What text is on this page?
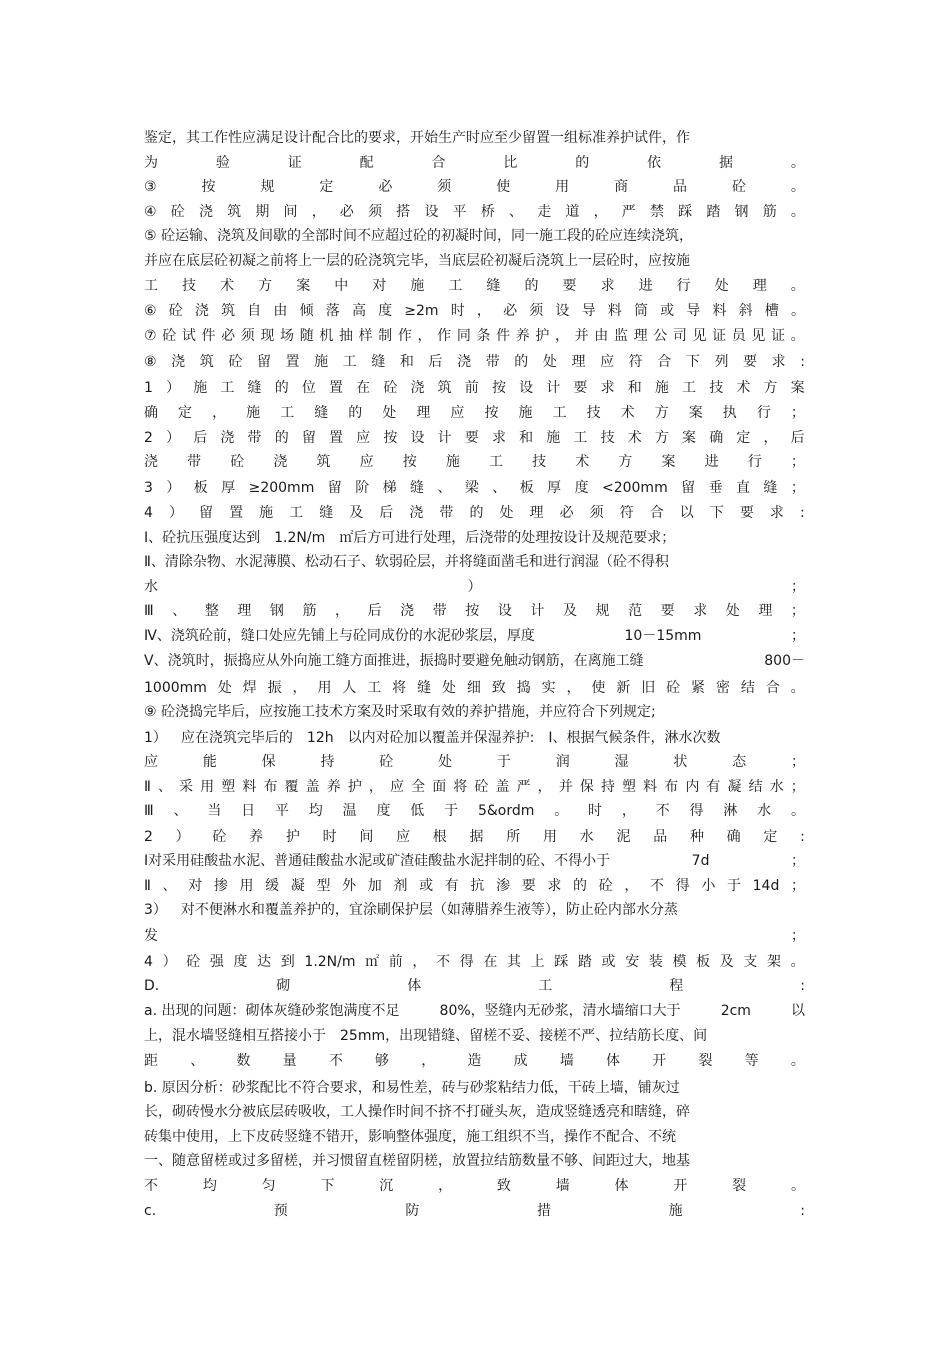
鉴定，其工作性应满足设计配合比的要求，开始生产时应至少留置一组标准养护试件，作
为	验	证	配	合	比	的	依	据	。
③	按	规	定	必	须	使	用	商	品	砼	。
④ 砼 浇 筑 期 间 ， 必 须 搭 设 平 桥 、 走 道 ， 严 禁 踩 踏 钢 筋 。
⑤ 砼运输、浇筑及间歇的全部时间不应超过砼的初凝时间，同一施工段的砼应连续浇筑，
并应在底层砼初凝之前将上一层的砼浇筑完毕，当底层砼初凝后浇筑上一层砼时，应按施
工 技 术 方 案 中 对 施 工 缝 的 要 求 进 行 处 理 。
⑥ 砼 浇 筑 自 由 倾 落 高 度 ≥2m 时 ， 必 须 设 导 料 筒 或 导 料 斜 槽 。
⑦ 砼 试 件 必 须 现 场 随 机 抽 样 制 作 ， 作 同 条 件 养 护 ， 并 由 监 理 公 司 见 证 员 见 证 。
⑧ 浇 筑 砼 留 置 施 工 缝 和 后 浇 带 的 处 理 应 符 合 下 列 要 求 :
1 ） 施 工 缝 的 位 置 在 砼 浇 筑 前 按 设 计 要 求 和 施 工 技 术 方 案
确 定 ， 施 工 缝 的 处 理 应 按 施 工 技 术 方 案 执 行 ；
2 ） 后 浇 带 的 留 置 应 按 设 计 要 求 和 施 工 技 术 方 案 确 定 ， 后
浇 带 砼 浇 筑 应 按 施 工 技 术 方 案 进 行 ；
3 ） 板 厚 ≥200mm 留 阶 梯 缝 、 梁 、 板 厚 度 <200mm 留 垂 直 缝 ；
4 ） 留 置 施 工 缝 及 后 浇 带 的 处 理 必 须 符 合 以 下 要 求 :
Ⅰ、砼抗压强度达到 1.2N/m ㎡后方可进行处理，后浇带的处理按设计及规范要求；
Ⅱ、清除杂物、水泥薄膜、松动石子、软弱砼层，并将缝面凿毛和进行润湿（砼不得积
水	）	；
Ⅲ 、 整 理 钢 筋 ， 后 浇 带 按 设 计 及 规 范 要 求 处 理 ；
Ⅳ、浇筑砼前，缝口处应先铺上与砼同成份的水泥砂浆层，厚度	10－15mm	；
Ⅴ、浇筑时，振捣应从外向施工缝方面推进，振捣时要避免触动钢筋，在离施工缝	800－
1000mm 处 焊 振 ， 用 人 工 将 缝 处 细 致 捣 实 ， 使 新 旧 砼 紧 密 结 合 。
⑨ 砼浇捣完毕后，应按施工技术方案及时采取有效的养护措施，并应符合下列规定;
1） 应在浇筑完毕后的 12h 以内对砼加以覆盖并保湿养护: Ⅰ、根据气候条件，淋水次数
应	能	保	持	砼	处	于	润	湿	状	态	；
Ⅱ 、 采 用 塑 料 布 覆 盖 养 护 ， 应 全 面 将 砼 盖 严 ， 并 保 持 塑 料 布 内 有 凝 结 水 ；
Ⅲ 、 当 日 平 均 温 度 低 于 5&ordm 。 时 ， 不 得 淋 水 。
2 ） 砼 养 护 时 间 应 根 据 所 用 水 泥 品 种 确 定 :
Ⅰ对采用硅酸盐水泥、普通硅酸盐水泥或矿渣硅酸盐水泥拌制的砼、不得小于	7d	；
Ⅱ 、 对 掺 用 缓 凝 型 外 加 剂 或 有 抗 渗 要 求 的 砼 ， 不 得 小 于 14d ；
3） 对不便淋水和覆盖养护的，宜涂刷保护层（如薄腊养生液等），防止砼内部水分蒸
发	；
4 ） 砼 强 度 达 到 1.2N/m ㎡ 前 ， 不 得 在 其 上 踩 踏 或 安 装 模 板 及 支 架 。
D.	砌	体	工	程	:
a. 出现的问题：砌体灰缝砂浆饱满度不足	80%，竖缝内无砂浆，清水墙缩口大于	2cm	以
上，混水墙竖缝相互搭接小于 25mm，出现错缝、留槎不妥、接槎不严、拉结筋长度、间
距 、 数 量 不 够 ， 造 成 墙 体 开 裂 等 。
b. 原因分析：砂浆配比不符合要求，和易性差，砖与砂浆粘结力低，干砖上墙，铺灰过
长，砌砖慢水分被底层砖吸收，工人操作时间不挤不打碰头灰，造成竖缝透亮和瞎缝，碎
砖集中使用，上下皮砖竖缝不错开，影响整体强度，施工组织不当，操作不配合、不统
一、随意留槎或过多留槎，并习惯留直槎留阴槎，放置拉结筋数量不够、间距过大，地基
不	均	匀	下	沉	，	致	墙	体	开	裂	。
c.	预	防	措	施	:
